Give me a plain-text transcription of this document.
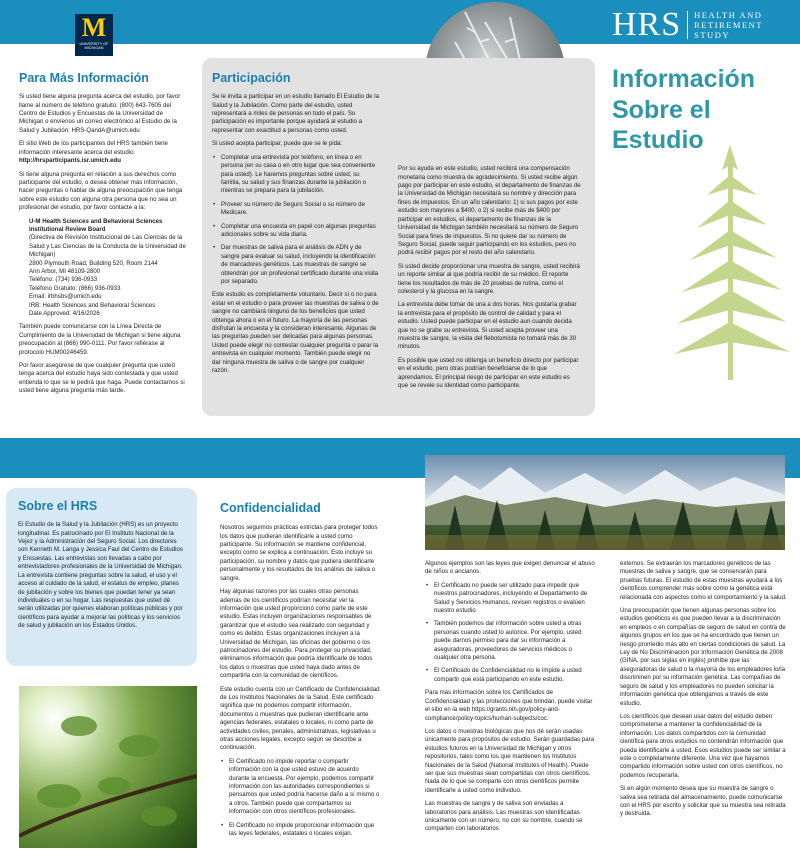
M
UNIVERSITY OF MICHIGAN
HRS HEALTH AND
RETIREMENT
STUDY
Información
Sobre el
Estudio
Para Más Información

Si usted tiene alguna pregunta acerca del estudio, por favor llame al número de teléfono gratuito: (800) 643-7605 del Centro de Estudios y Encuestas de la Universidad de Michigan o envíenos un correo electrónico al Estudio de la Salud y Jubilación: HRS-QandA@umich.edu

El sitio Web de los participantes del HRS también tiene información interesante acerca del estudio:
http://hrsparticipants.isr.umich.edu

Si tiene alguna pregunta en relación a sus derechos como participante del estudio, o desea obtener más información, hacer preguntas o hablar de alguna preocupación que tenga sobre este estudio con alguna otra persona que no sea un profesional del estudio, por favor contacte a la:

U-M Health Sciences and Behavioral Sciences Institutional Review Board
(Directiva de Revisión Institucional de Las Ciencias de la Salud y Las Ciencias de la Conducta de la Universidad de Michigan)
2800 Plymouth Road, Building 520, Room 2144
Ann Arbor, MI 48109-2800
Teléfono: (734) 936-0933
Teléfono Gratuito: (866) 936-0933
Email: irbhsbs@umich.edu
IRB: Health Sciences and Behavioral Sciences
Date Approved: 4/16/2026

También puede comunicarse con la Línea Directa de Cumplimiento de la Universidad de Michigan si tiene alguna preocupación al (866) 990-0111. Por favor refiérase al protocolo HUM00246459.

Por favor asegúrese de que cualquier pregunta que usted tenga acerca del estudio haya sido contestada y que usted entienda lo que se le pedirá que haga. Puede contactarnos si usted tiene alguna pregunta más tarde.

Participación

Se le invita a participar en un estudio llamado El Estudio de la Salud y la Jubilación. Como parte del estudio, usted representará a miles de personas en todo el país. Su participación es importante porque ayudará al estudio a representar con exactitud a personas como usted.

Si usted acepta participar, puede que se le pida:

• Completar una entrevista por teléfono, en línea o en persona (en su casa o en otro lugar que sea conveniente para usted). Le haremos preguntas sobre usted, su familia, su salud y sus finanzas durante la jubilación o mientras se prepara para la jubilación.
• Proveer su número de Seguro Social o su número de Medicare.
• Completar una encuesta en papel con algunas preguntas adicionales sobre su vida diaria.
• Dar muestras de saliva para el análisis de ADN y de sangre para evaluar su salud, incluyendo la identificación de marcadores genéticos. Las muestras de sangre se obtendrán por un profesional certificado durante una visita por separado.

Este estudio es completamente voluntario. Decir sí o no para estar en el estudio o para proveer las muestras de saliva o de sangre no cambiará ninguno de los beneficios que usted obtenga ahora o en el futuro. La mayoría de las personas disfrutan la encuesta y la consideran interesante. Algunas de las preguntas pueden ser delicadas para algunas personas. Usted puede elegir no contestar cualquier pregunta o parar la entrevista en cualquier momento. También puede elegir no dar ninguna muestra de saliva o de sangre por cualquier razón.

Por su ayuda en este estudio, usted recibirá una compensación monetaria como muestra de agradecimiento. Si usted recibe algún pago por participar en este estudio, el departamento de finanzas de la Universidad de Michigan necesitará su nombre y dirección para fines de impuestos. En un año calendario: 1) si sus pagos por este estudio son mayores a $400, o 2) si recibe más de $400 por participar en estudios, el departamento de finanzas de la Universidad de Michigan también necesitará su número de Seguro Social para fines de impuestos. Si no quiere dar su número de Seguro Social, puede seguir participando en los estudios, pero no podrá recibir pagos por el resto del año calendario.

Si usted decide proporcionar una muestra de sangre, usted recibirá un reporte similar al que podría recibir de su médico. El reporte tiene los resultados de más de 20 pruebas de rutina, como el colesterol y la glucosa en la sangre.

La entrevista debe tomar de una a dos horas. Nos gustaría grabar la entrevista para el propósito de control de calidad y para el estudio. Usted puede participar en el estudio aun cuando decida que no se grabe su entrevista. Si usted acepta proveer una muestra de sangre, la visita del flebotomista no tomará más de 30 minutos.

Es posible que usted no obtenga un beneficio directo por participar en el estudio, pero otras podrían beneficiarse de lo que aprendamos. El principal riesgo de participar en este estudio es que se revele su identidad como participante.

Sobre el HRS

El Estudio de la Salud y la Jubilación (HRS) es un proyecto longitudinal. Es patrocinado por El Instituto Nacional de la Vejez y la Administración del Seguro Social. Los directores son Kenneth M. Langa y Jessica Faul del Centro de Estudios y Encuestas. Las entrevistas son llevadas a cabo por entrevistadores profesionales de la Universidad de Michigan. La entrevista contiene preguntas sobre la salud, el uso y el acceso al cuidado de la salud, el estatus de empleo, planes de jubilación y sobre los bienes que puedan tener ya sean individuales o en su hogar. Las respuestas que usted dé serán utilizadas por quienes elaboran políticas públicas y por científicos para ayudar a mejorar las políticas y los servicios de salud y jubilación en los Estados Unidos.

Confidencialidad

Nosotros seguimos prácticas estrictas para proteger todos los datos que pudieran identificarle a usted como participante. Su información se mantiene confidencial, excepto como se explica a continuación. Esto incluye su participación, su nombre y datos que pudiera identificarle personalmente y los resultados de los análisis de saliva o sangre.

Hay algunas razones por las cuales otras personas además de los científicos podrían necesitar ver la información que usted proporcionó como parte de este estudio. Estas incluyen organizaciones responsables de garantizar que el estudio sea realizado con seguridad y como es debido. Estas organizaciones incluyen a la Universidad de Michigan, las oficinas del gobierno o los patrocinadores del estudio. Para proteger su privacidad, eliminamos información que podría identificarle de todos los datos o muestras que usted haya dado antes de compartirla con la comunidad de científicos.

Este estudio cuenta con un Certificado de Confidencialidad de Los Institutos Nacionales de la Salud. Este certificado significa que no podemos compartir información, documentos o muestras que pudieran identificarle ante agencias federales, estatales o locales, ni como parte de actividades civiles, penales, administrativas, legislativas u otras acciones legales, excepto según se describe a continuación.

• El Certificado no impide reportar o compartir información con la que usted estuvo de acuerdo durante la encuesta. Por ejemplo, podemos compartir información con las autoridades correspondientes si pensamos que usted podría hacerse daño a sí mismo o a otros. También puede que compartamos su información con otros científicos profesionales.
• El Certificado no impide proporcionar información que las leyes federales, estatales o locales exijan.

Algunos ejemplos son las leyes que exigen denunciar el abuso de niños o ancianos.

• El Certificado no puede ser utilizado para impedir que nuestros patrocinadores, incluyendo el Departamento de Salud y Servicios Humanos, revisen registros o evalúen nuestro estudio.
• También podemos dar información sobre usted a otras personas cuando usted lo autorice. Por ejemplo, usted puede darnos permiso para dar su información a aseguradoras, proveedores de servicios médicos o cualquier otra persona.
• El Certificado de Confidencialidad no le impide a usted compartir que está participando en este estudio.

Para más información sobre los Certificados de Confidencialidad y las protecciones que brindan, puede visitar el sitio en la web https://grants.nih.gov/policy-and-compliance/policy-topics/human-subjects/coc.

Los datos o muestras biológicas que nos dé serán usadas únicamente para propósitos de estudio. Serán guardadas para estudios futuros en la Universidad de Michigan y otros repositorios, tales como los que mantienen los Institutos Nacionales de la Salud (National Institutes of Health). Puede ser que sus muestras sean compartidas con otros científicos. Nada de lo que se comparte con otros científicos permite identificarle a usted como individuo.

Las muestras de sangre y de saliva son enviadas a laboratorios para análisis. Las muestras son identificadas únicamente con un número, no con su nombre, cuando se comparten con laboratorios

externos. Se extraerán los marcadores genéticos de las muestras de saliva y sangre, que se conservarán para pruebas futuras. El estudio de estas muestras ayudará a los científicos comprender más sobre como la genética está relacionada con aspectos como el comportamiento y la salud.

Una preocupación que tienen algunas personas sobre los estudios genéticos es que pueden llevar a la discriminación en empleos o en compañías de seguro de salud en contra de algunos grupos en los que se ha encontrado que tienen un riesgo promedio más alto en ciertas condiciones de salud. La Ley de No Discriminación por Información Genética de 2008 (GINA, por sus siglas en inglés) prohíbe que las aseguradoras de salud o la mayoría de los empleadores lo/la discriminen por su información genética. Las compañías de seguro de salud y los empleadores no pueden solicitar la información genética que obtengamos a través de este estudio.

Los científicos que desean usar datos del estudio deben comprometerse a mantener la confidencialidad de la información. Los datos compartidos con la comunidad científica para otros estudios no contendrán información que pueda identificarle a usted. Esos estudios puede ser similar a este o completamente diferente. Una vez que hayamos compartido información sobre usted con otros científicos, no podemos recuperarla.

Si en algún momento desea que su muestra de sangre o saliva sea retirada del almacenamiento, puede comunicarse con el HRS por escrito y solicitar que su muestra sea retirada y destruida.
